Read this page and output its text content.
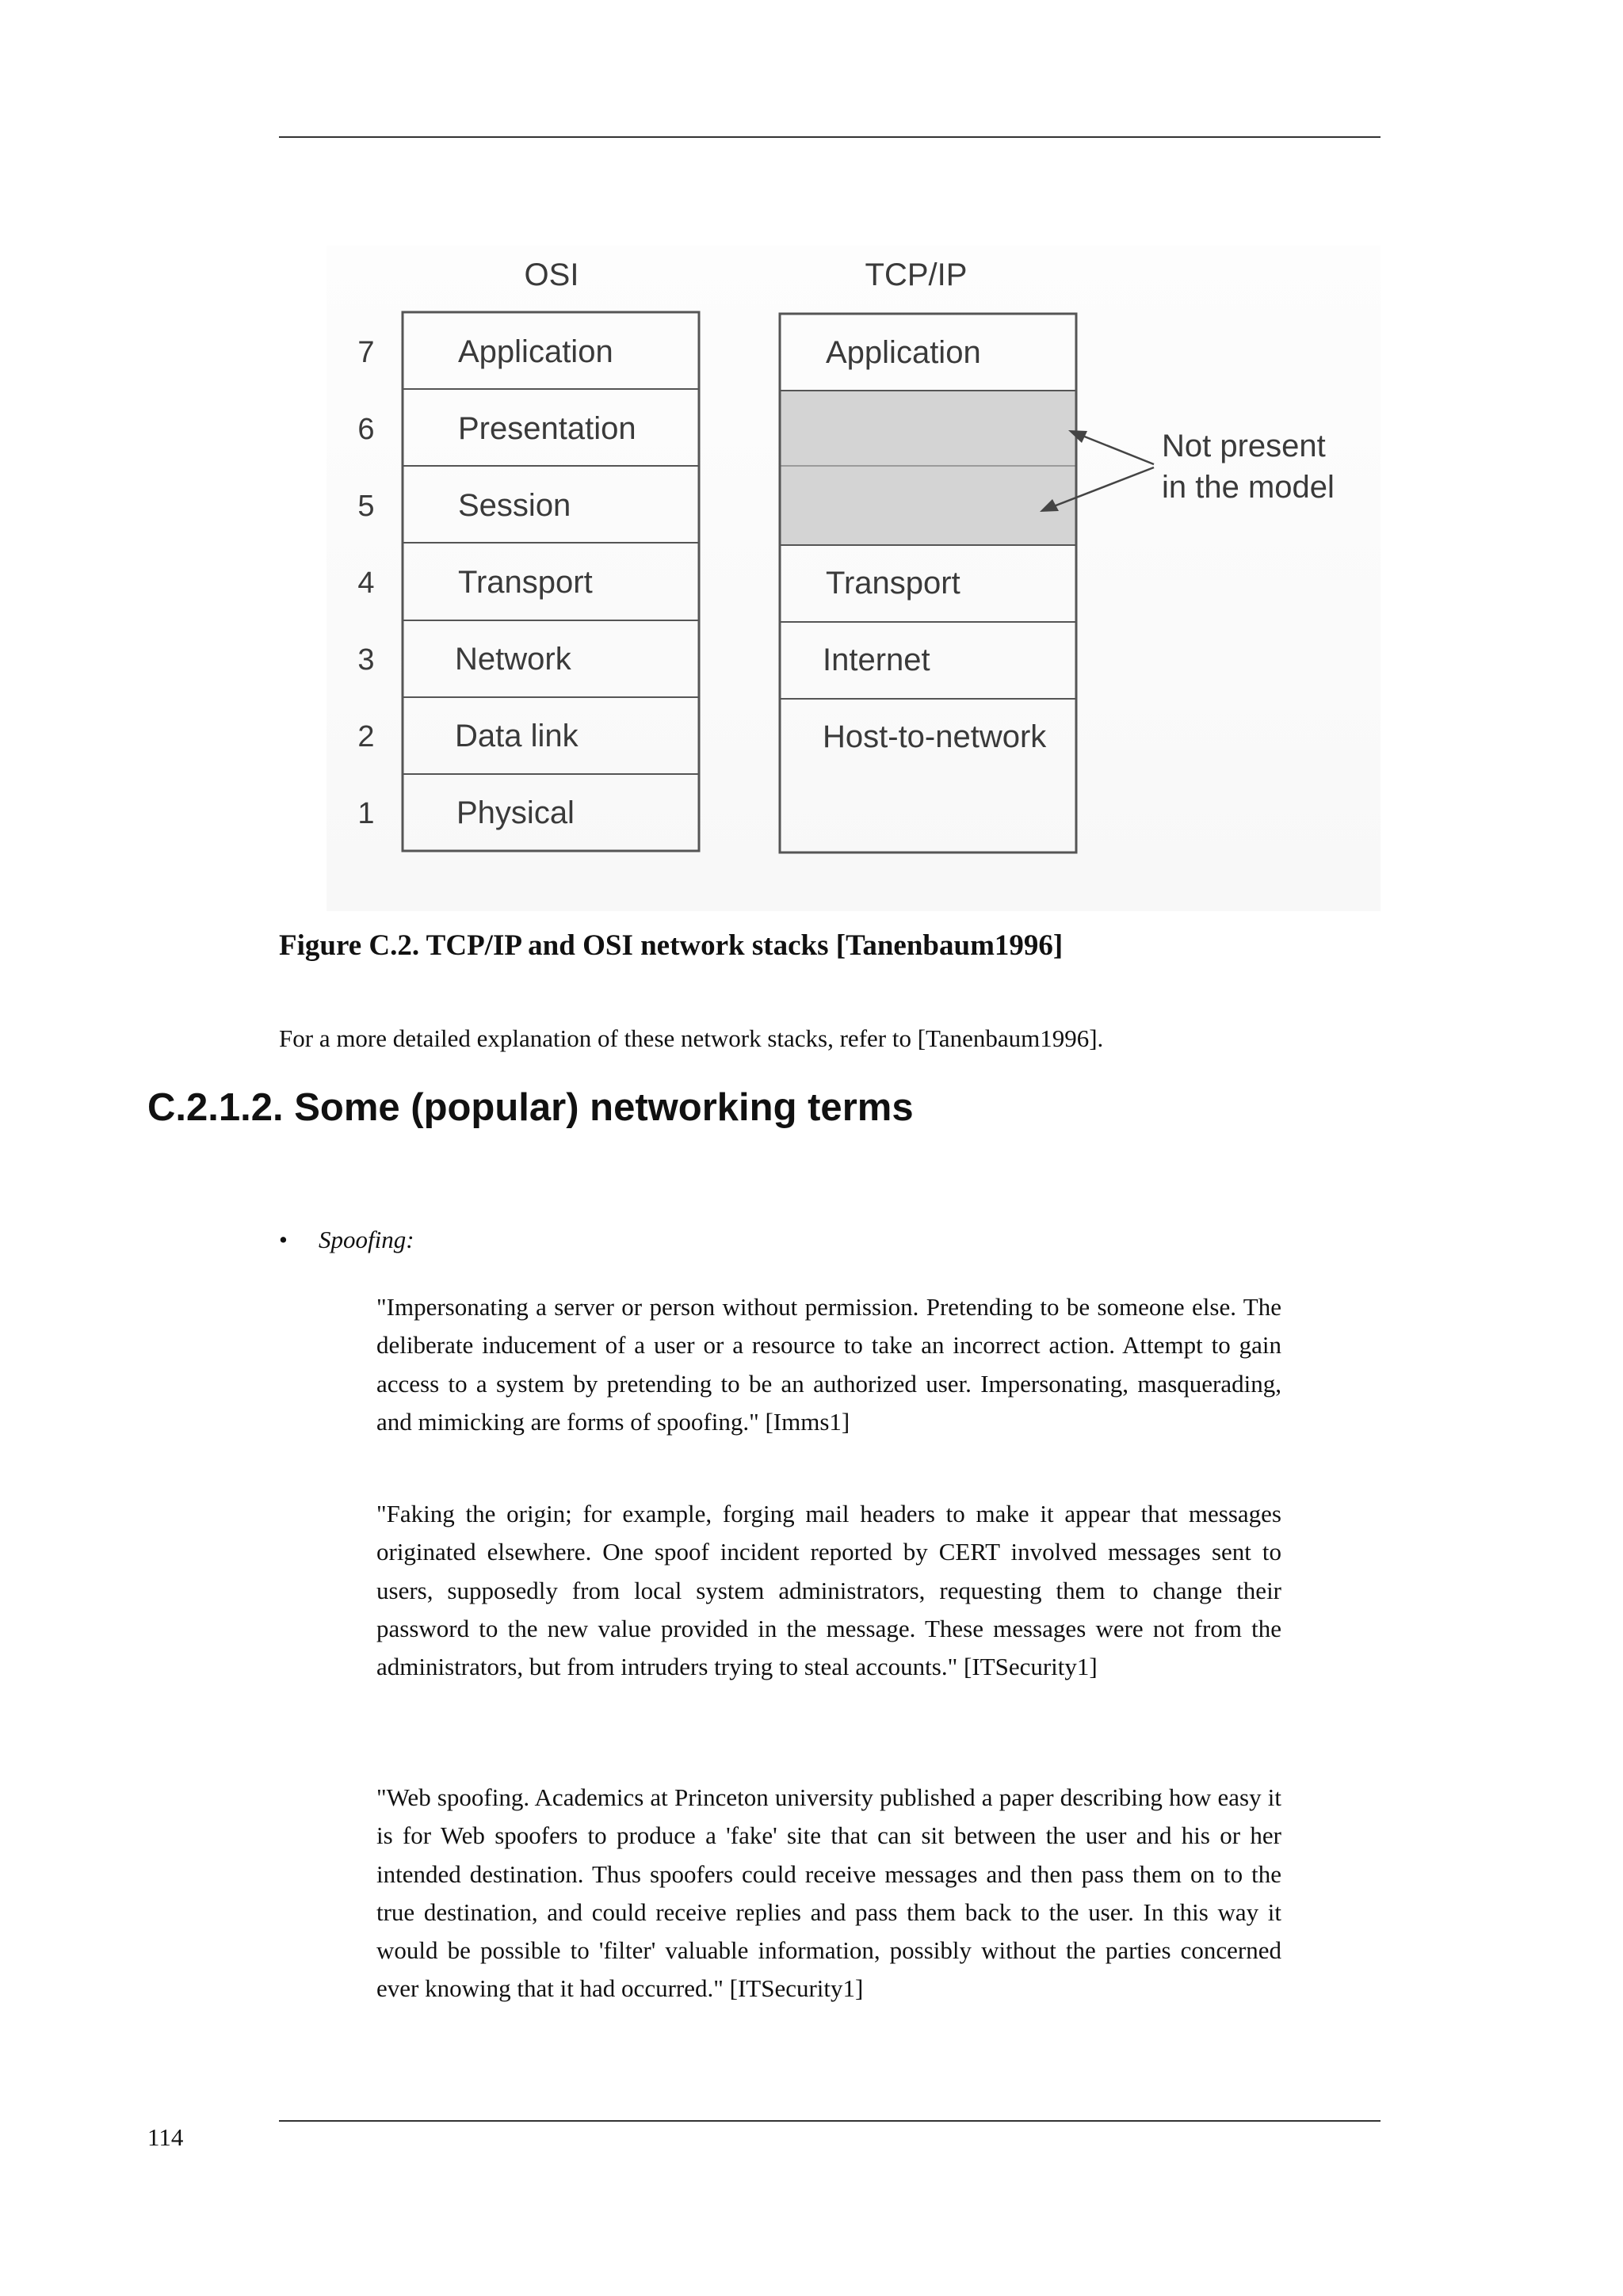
OSI	TCP/IP
7
6
5
4
3
2
1
Application
Presentation
Session
Transport
Network
Data link
Physical
Application
Transport
Internet
Host-to-network
Not present
in the model
Figure C.2. TCP/IP and OSI network stacks [Tanenbaum1996]
For a more detailed explanation of these network stacks, refer to [Tanenbaum1996].
C.2.1.2. Some (popular) networking terms
• Spoofing:
"Impersonating a server or person without permission. Pretending to be someone else. The deliberate inducement of a user or a resource to take an incorrect action. Attempt to gain access to a system by pretending to be an authorized user. Impersonating, masquerading, and mimicking are forms of spoofing." [Imms1]
"Faking the origin; for example, forging mail headers to make it appear that messages originated elsewhere. One spoof incident reported by CERT involved messages sent to users, supposedly from local system administrators, requesting them to change their password to the new value provided in the message. These messages were not from the administrators, but from intruders trying to steal accounts." [ITSecurity1]
"Web spoofing. Academics at Princeton university published a paper describing how easy it is for Web spoofers to produce a 'fake' site that can sit between the user and his or her intended destination. Thus spoofers could receive messages and then pass them on to the true destination, and could receive replies and pass them back to the user. In this way it would be possible to 'filter' valuable information, possibly without the parties concerned ever knowing that it had occurred." [ITSecurity1]
114
